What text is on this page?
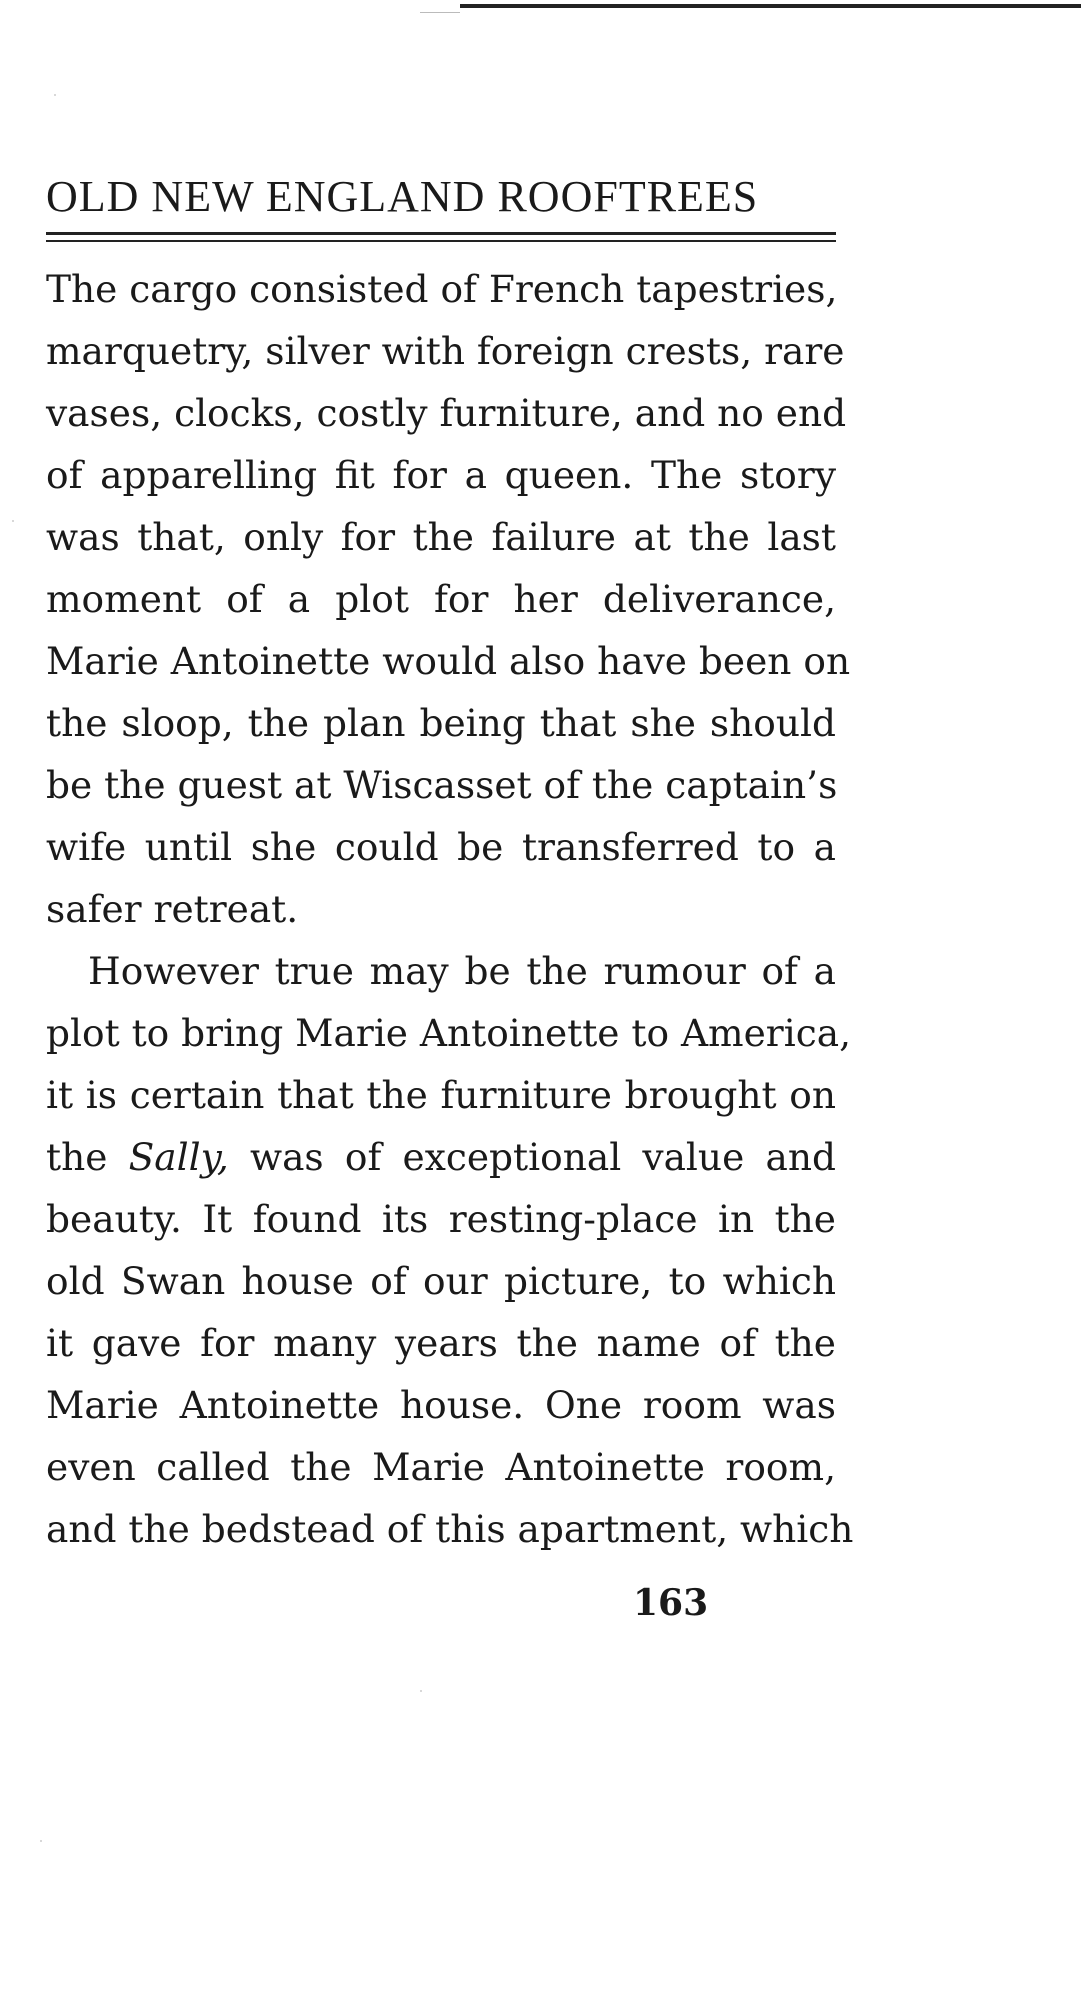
OLD NEW ENGLAND ROOFTREES
The cargo consisted of French tapestries,
marquetry, silver with foreign crests, rare
vases, clocks, costly furniture, and no end
of apparelling fit for a queen. The story
was that, only for the failure at the last
moment of a plot for her deliverance,
Marie Antoinette would also have been on
the sloop, the plan being that she should
be the guest at Wiscasset of the captain’s
wife until she could be transferred to a
safer retreat.
However true may be the rumour of a
plot to bring Marie Antoinette to America,
it is certain that the furniture brought on
the Sally, was of exceptional value and
beauty. It found its resting-place in the
old Swan house of our picture, to which
it gave for many years the name of the
Marie Antoinette house. One room was
even called the Marie Antoinette room,
and the bedstead of this apartment, which
163
